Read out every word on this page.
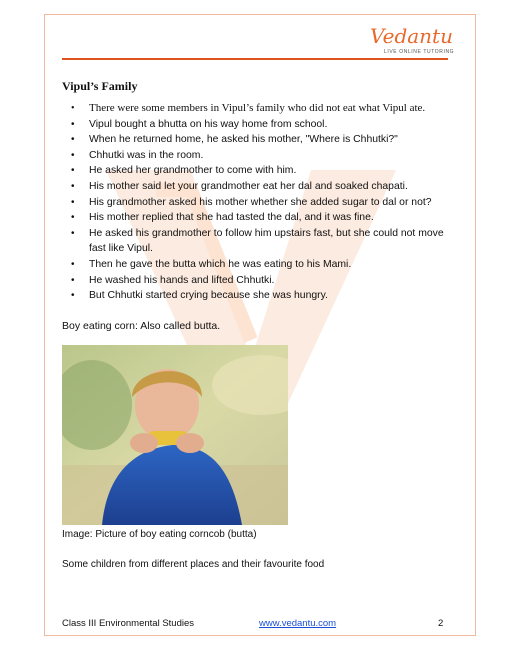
Vedantu
LIVE ONLINE TUTORING
Vipul’s Family
• There were some members in Vipul’s family who did not eat what Vipul ate.
• Vipul bought a bhutta on his way home from school.
• When he returned home, he asked his mother, "Where is Chhutki?"
• Chhutki was in the room.
• He asked her grandmother to come with him.
• His mother said let your grandmother eat her dal and soaked chapati.
• His grandmother asked his mother whether she added sugar to dal or not?
• His mother replied that she had tasted the dal, and it was fine.
• He asked his grandmother to follow him upstairs fast, but she could not move fast like Vipul.
• Then he gave the butta which he was eating to his Mami.
• He washed his hands and lifted Chhutki.
• But Chhutki started crying because she was hungry.
Boy eating corn: Also called butta.
Image: Picture of boy eating corncob (butta)
Some children from different places and their favourite food
Class III Environmental Studies	www.vedantu.com	2
